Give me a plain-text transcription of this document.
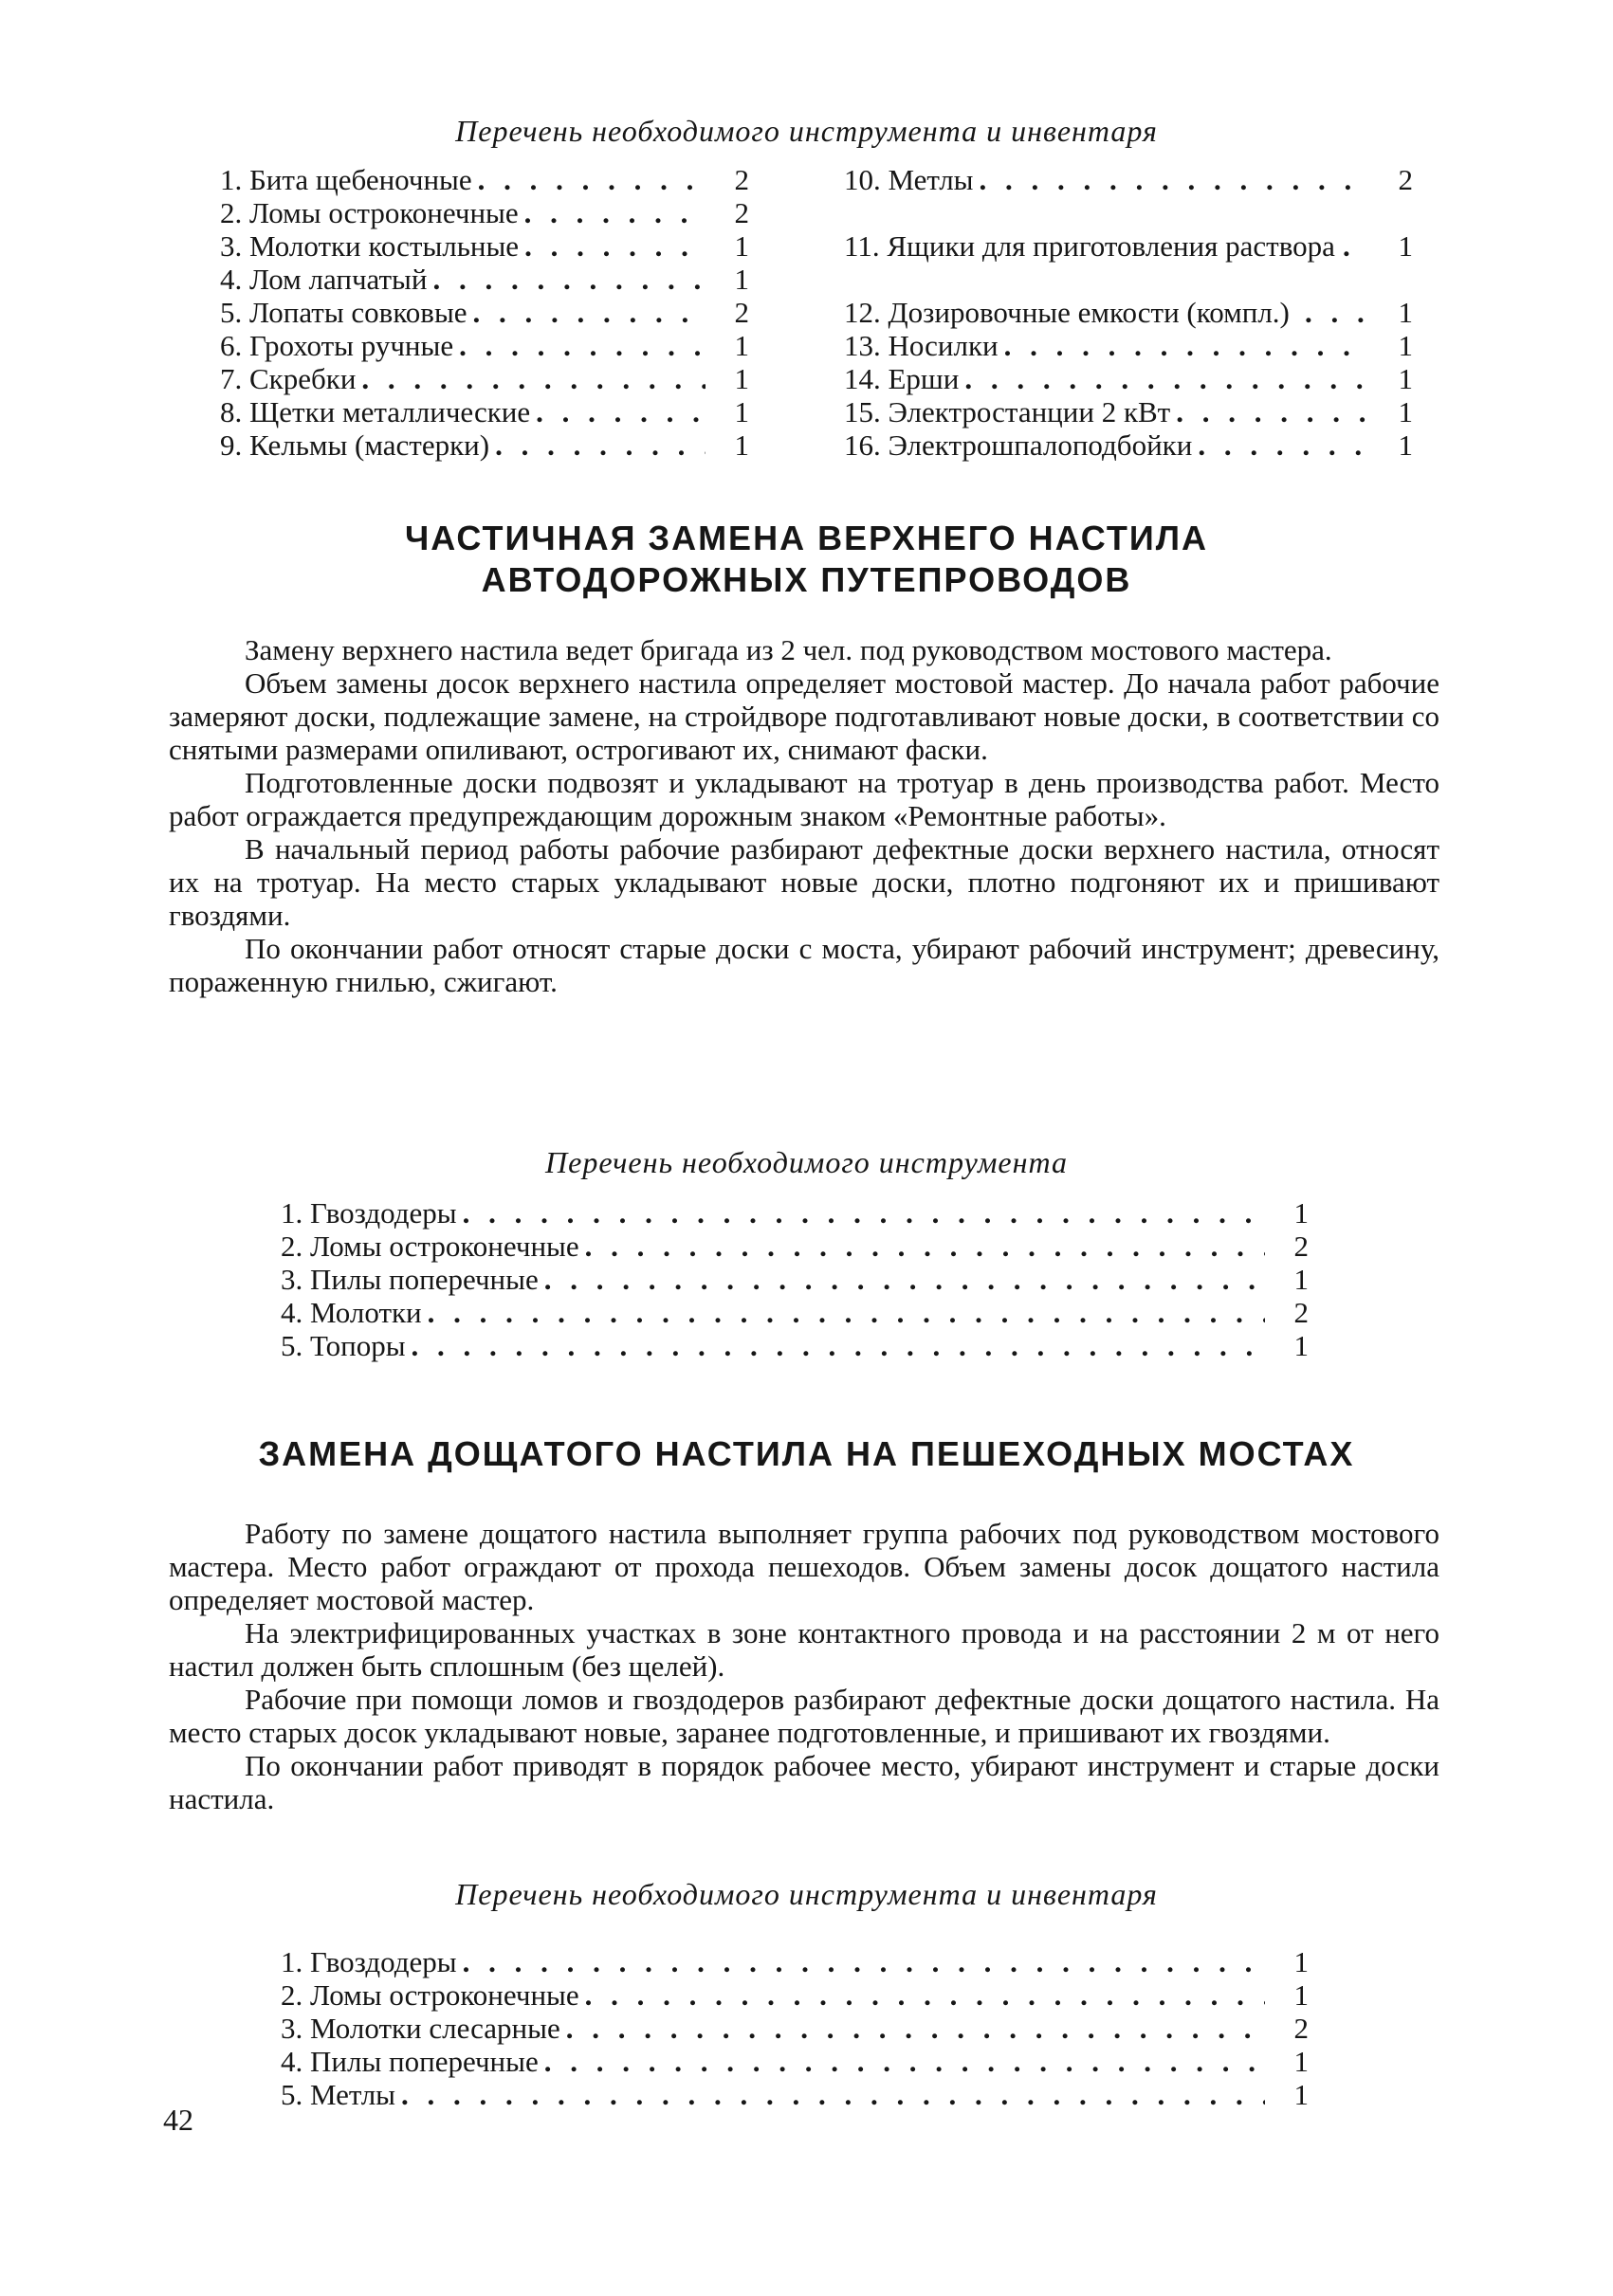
Перечень необходимого инструмента и инвентаря
1. Бита щебеночные . . .	2
2. Ломы остроконечные . . .	2
3. Молотки костыльные . . .	1
4. Лом лапчатый . . .	1
5. Лопаты совковые . . .	2
6. Грохоты ручные . . .	1
7. Скребки . . .	1
8. Щетки металлические . . .	1
9. Кельмы (мастерки) . . .	1
10. Метлы . . .	2
11. Ящики для приготовления раствора . . .	1
12. Дозировочные емкости (компл.) . . .	1
13. Носилки . . .	1
14. Ерши . . .	1
15. Электростанции 2 кВт . . .	1
16. Электрошпалоподбойки . . .	1
ЧАСТИЧНАЯ ЗАМЕНА ВЕРХНЕГО НАСТИЛА
АВТОДОРОЖНЫХ ПУТЕПРОВОДОВ

Замену верхнего настила ведет бригада из 2 чел. под руководством мостового мастера.

Объем замены досок верхнего настила определяет мостовой мастер. До начала работ рабочие замеряют доски, подлежащие замене, на стройдворе подготавливают новые доски, в соответствии со снятыми размерами опиливают, острогивают их, снимают фаски.

Подготовленные доски подвозят и укладывают на тротуар в день производства работ. Место работ ограждается предупреждающим дорожным знаком «Ремонтные работы».

В начальный период работы рабочие разбирают дефектные доски верхнего настила, относят их на тротуар. На место старых укладывают новые доски, плотно подгоняют их и пришивают гвоздями.

По окончании работ относят старые доски с моста, убирают рабочий инструмент; древесину, пораженную гнилью, сжигают.

Перечень необходимого инструмента
1. Гвоздодеры . . .	1
2. Ломы остроконечные . . .	2
3. Пилы поперечные . . .	1
4. Молотки . . .	2
5. Топоры . . .	1
ЗАМЕНА ДОЩАТОГО НАСТИЛА НА ПЕШЕХОДНЫХ МОСТАХ

Работу по замене дощатого настила выполняет группа рабочих под руководством мостового мастера. Место работ ограждают от прохода пешеходов. Объем замены досок дощатого настила определяет мостовой мастер.

На электрифицированных участках в зоне контактного провода и на расстоянии 2 м от него настил должен быть сплошным (без щелей).

Рабочие при помощи ломов и гвоздодеров разбирают дефектные доски дощатого настила. На место старых досок укладывают новые, заранее подготовленные, и пришивают их гвоздями.

По окончании работ приводят в порядок рабочее место, убирают инструмент и старые доски настила.

Перечень необходимого инструмента и инвентаря
1. Гвоздодеры . . .	1
2. Ломы остроконечные . . .	1
3. Молотки слесарные . . .	2
4. Пилы поперечные . . .	1
5. Метлы . . .	1
42
